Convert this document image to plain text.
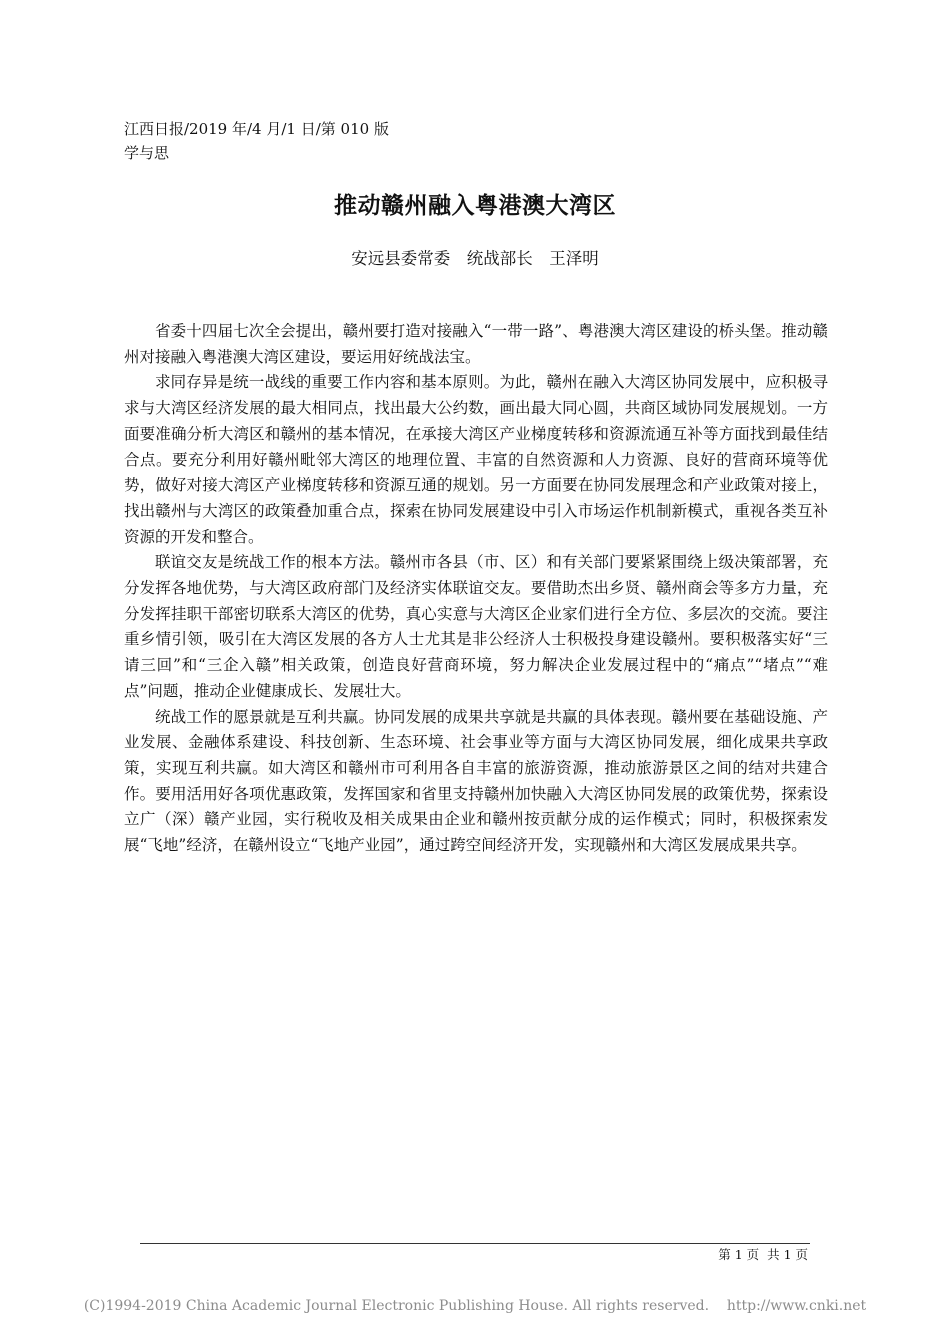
江西日报/2019 年/4 月/1 日/第 010 版
学与思
推动赣州融入粤港澳大湾区
安远县委常委　统战部长　王泽明

省委十四届七次全会提出，赣州要打造对接融入“一带一路”、粤港澳大湾区建设的桥头堡。推动赣州对接融入粤港澳大湾区建设，要运用好统战法宝。

求同存异是统一战线的重要工作内容和基本原则。为此，赣州在融入大湾区协同发展中，应积极寻求与大湾区经济发展的最大相同点，找出最大公约数，画出最大同心圆，共商区域协同发展规划。一方面要准确分析大湾区和赣州的基本情况，在承接大湾区产业梯度转移和资源流通互补等方面找到最佳结合点。要充分利用好赣州毗邻大湾区的地理位置、丰富的自然资源和人力资源、良好的营商环境等优势，做好对接大湾区产业梯度转移和资源互通的规划。另一方面要在协同发展理念和产业政策对接上，找出赣州与大湾区的政策叠加重合点，探索在协同发展建设中引入市场运作机制新模式，重视各类互补资源的开发和整合。

联谊交友是统战工作的根本方法。赣州市各县（市、区）和有关部门要紧紧围绕上级决策部署，充分发挥各地优势，与大湾区政府部门及经济实体联谊交友。要借助杰出乡贤、赣州商会等多方力量，充分发挥挂职干部密切联系大湾区的优势，真心实意与大湾区企业家们进行全方位、多层次的交流。要注重乡情引领，吸引在大湾区发展的各方人士尤其是非公经济人士积极投身建设赣州。要积极落实好“三请三回”和“三企入赣”相关政策，创造良好营商环境，努力解决企业发展过程中的“痛点”“堵点”“难点”问题，推动企业健康成长、发展壮大。

统战工作的愿景就是互利共赢。协同发展的成果共享就是共赢的具体表现。赣州要在基础设施、产业发展、金融体系建设、科技创新、生态环境、社会事业等方面与大湾区协同发展，细化成果共享政策，实现互利共赢。如大湾区和赣州市可利用各自丰富的旅游资源，推动旅游景区之间的结对共建合作。要用活用好各项优惠政策，发挥国家和省里支持赣州加快融入大湾区协同发展的政策优势，探索设立广（深）赣产业园，实行税收及相关成果由企业和赣州按贡献分成的运作模式；同时，积极探索发展“飞地”经济，在赣州设立“飞地产业园”，通过跨空间经济开发，实现赣州和大湾区发展成果共享。

第 1 页  共 1 页
(C)1994-2019 China Academic Journal Electronic Publishing House. All rights reserved.    http://www.cnki.net
